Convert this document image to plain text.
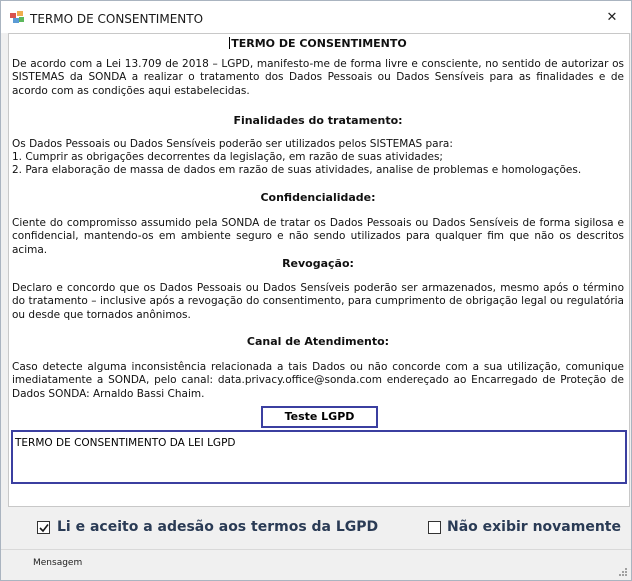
TERMO DE CONSENTIMENTO	✕
TERMO DE CONSENTIMENTO
De acordo com a Lei 13.709 de 2018 – LGPD, manifesto-me de forma livre e consciente, no sentido de autorizar os SISTEMAS da SONDA a realizar o tratamento dos Dados Pessoais ou Dados Sensíveis para as finalidades e de acordo com as condições aqui estabelecidas.
Finalidades do tratamento:
Os Dados Pessoais ou Dados Sensíveis poderão ser utilizados pelos SISTEMAS para:
1. Cumprir as obrigações decorrentes da legislação, em razão de suas atividades;
2. Para elaboração de massa de dados em razão de suas atividades, analise de problemas e homologações.
Confidencialidade:
Ciente do compromisso assumido pela SONDA de tratar os Dados Pessoais ou Dados Sensíveis de forma sigilosa e confidencial, mantendo-os em ambiente seguro e não sendo utilizados para qualquer fim que não os descritos acima.
Revogação:
Declaro e concordo que os Dados Pessoais ou Dados Sensíveis poderão ser armazenados, mesmo após o término do tratamento – inclusive após a revogação do consentimento, para cumprimento de obrigação legal ou regulatória ou desde que tornados anônimos.
Canal de Atendimento:
Caso detecte alguma inconsistência relacionada a tais Dados ou não concorde com a sua utilização, comunique imediatamente a SONDA, pelo canal: data.privacy.office@sonda.com endereçado ao Encarregado de Proteção de Dados SONDA: Arnaldo Bassi Chaim.
Teste LGPD
TERMO DE CONSENTIMENTO DA LEI LGPD
Li e aceito a adesão aos termos da LGPD	Não exibir novamente
Mensagem
